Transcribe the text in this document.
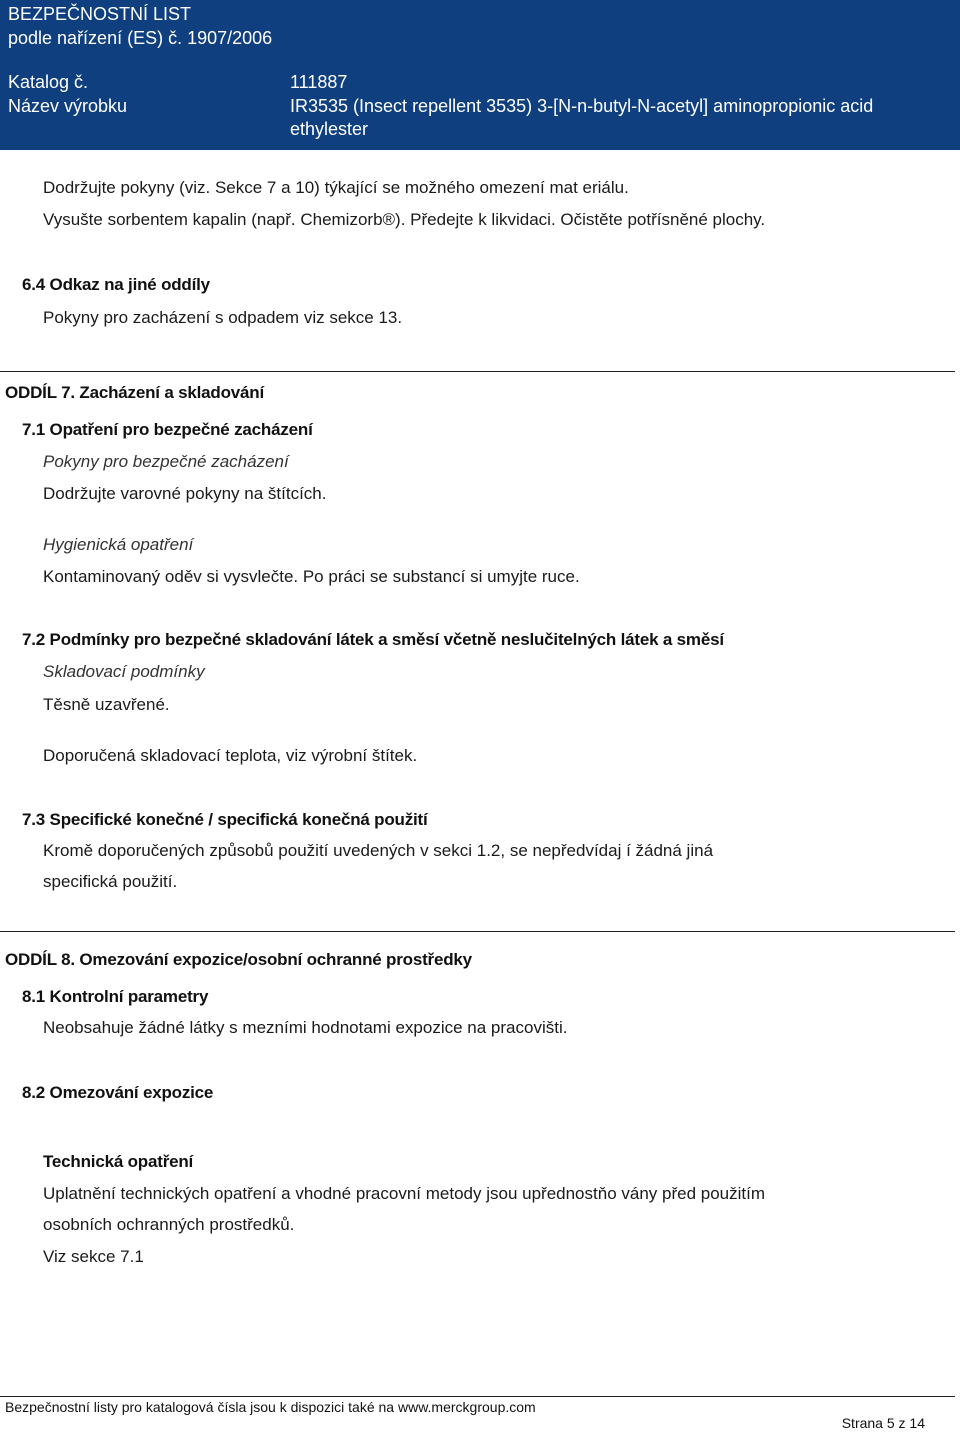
BEZPEČNOSTNÍ LIST
podle nařízení (ES) č. 1907/2006
Katalog č.	111887
Název výrobku	IR3535 (Insect repellent 3535) 3-[N-n-butyl-N-acetyl] aminopropionic acid
ethylester
Dodržujte pokyny (viz. Sekce 7 a 10) týkající se možného omezení mat eriálu.
Vysušte sorbentem kapalin (např. Chemizorb®). Předejte k likvidaci. Očistěte potřísněné plochy.
6.4 Odkaz na jiné oddíly
Pokyny pro zacházení s odpadem viz sekce 13.
ODDÍL 7. Zacházení a skladování
7.1 Opatření pro bezpečné zacházení
Pokyny pro bezpečné zacházení
Dodržujte varovné pokyny na štítcích.
Hygienická opatření
Kontaminovaný oděv si vysvlečte. Po práci se substancí si umyjte ruce.
7.2 Podmínky pro bezpečné skladování látek a směsí včetně neslučitelných látek a směsí
Skladovací podmínky
Těsně uzavřené.
Doporučená skladovací teplota, viz výrobní štítek.
7.3 Specifické konečné / specifická konečná použití
Kromě doporučených způsobů použití uvedených v sekci 1.2, se nepředvídaj í žádná jiná
specifická použití.
ODDÍL 8. Omezování expozice/osobní ochranné prostředky
8.1 Kontrolní parametry
Neobsahuje žádné látky s mezními hodnotami expozice na pracovišti.
8.2 Omezování expozice
Technická opatření
Uplatnění technických opatření a vhodné pracovní metody jsou upřednostňo vány před použitím
osobních ochranných prostředků.
Viz sekce 7.1
Bezpečnostní listy pro katalogová čísla jsou k dispozici také na www.merckgroup.com
Strana 5 z 14
